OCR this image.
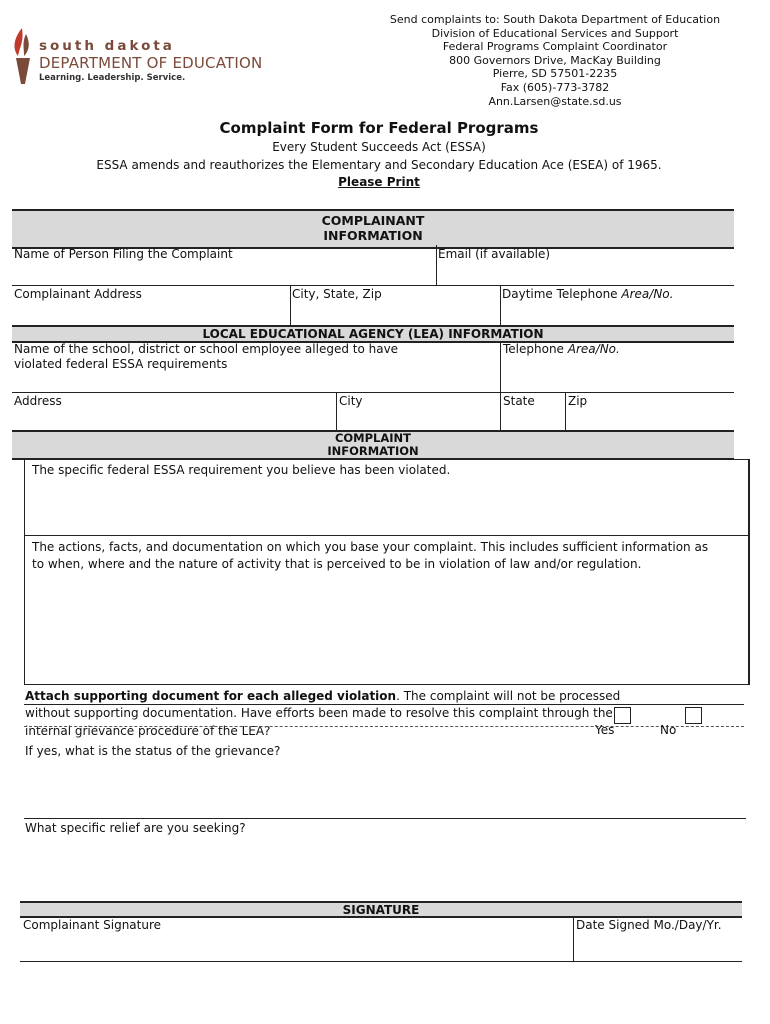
south dakota
DEPARTMENT OF EDUCATION
Learning. Leadership. Service.
Send complaints to: South Dakota Department of Education
Division of Educational Services and Support
Federal Programs Complaint Coordinator
800 Governors Drive, MacKay Building
Pierre, SD 57501-2235
Fax (605)-773-3782
Ann.Larsen@state.sd.us
Complaint Form for Federal Programs
Every Student Succeeds Act (ESSA)
ESSA amends and reauthorizes the Elementary and Secondary Education Ace (ESEA) of 1965.
Please Print
COMPLAINANT
INFORMATION
Name of Person Filing the Complaint	Email (if available)
Complainant Address	City, State, Zip	Daytime Telephone Area/No.
LOCAL EDUCATIONAL AGENCY (LEA) INFORMATION
Name of the school, district or school employee alleged to have
violated federal ESSA requirements
Telephone Area/No.
Address	City	State	Zip
COMPLAINT
INFORMATION
The specific federal ESSA requirement you believe has been violated.
The actions, facts, and documentation on which you base your complaint. This includes sufficient information as
to when, where and the nature of activity that is perceived to be in violation of law and/or regulation.
Attach supporting document for each alleged violation. The complaint will not be processed
without supporting documentation. Have efforts been made to resolve this complaint through the
internal grievance procedure of the LEA?	Yes	No
If yes, what is the status of the grievance?
What specific relief are you seeking?
SIGNATURE
Complainant Signature	Date Signed Mo./Day/Yr.
